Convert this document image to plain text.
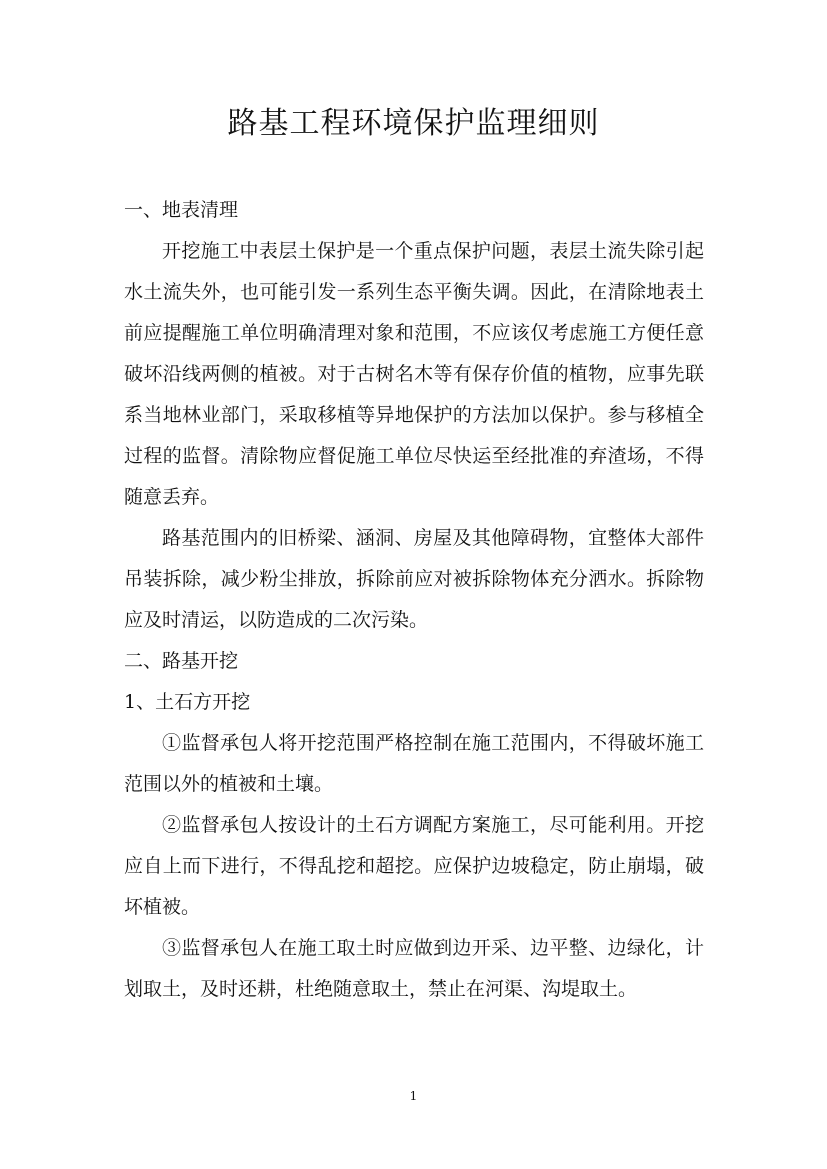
路基工程环境保护监理细则

一、地表清理

开挖施工中表层土保护是一个重点保护问题，表层土流失除引起

水土流失外，也可能引发一系列生态平衡失调。因此，在清除地表土

前应提醒施工单位明确清理对象和范围，不应该仅考虑施工方便任意

破坏沿线两侧的植被。对于古树名木等有保存价值的植物，应事先联

系当地林业部门，采取移植等异地保护的方法加以保护。参与移植全

过程的监督。清除物应督促施工单位尽快运至经批准的弃渣场，不得

随意丢弃。

路基范围内的旧桥梁、涵洞、房屋及其他障碍物，宜整体大部件

吊装拆除，减少粉尘排放，拆除前应对被拆除物体充分洒水。拆除物

应及时清运，以防造成的二次污染。

二、路基开挖

1、土石方开挖

①监督承包人将开挖范围严格控制在施工范围内，不得破坏施工

范围以外的植被和土壤。

②监督承包人按设计的土石方调配方案施工，尽可能利用。开挖

应自上而下进行，不得乱挖和超挖。应保护边坡稳定，防止崩塌，破

坏植被。

③监督承包人在施工取土时应做到边开采、边平整、边绿化，计

划取土，及时还耕，杜绝随意取土，禁止在河渠、沟堤取土。

1
